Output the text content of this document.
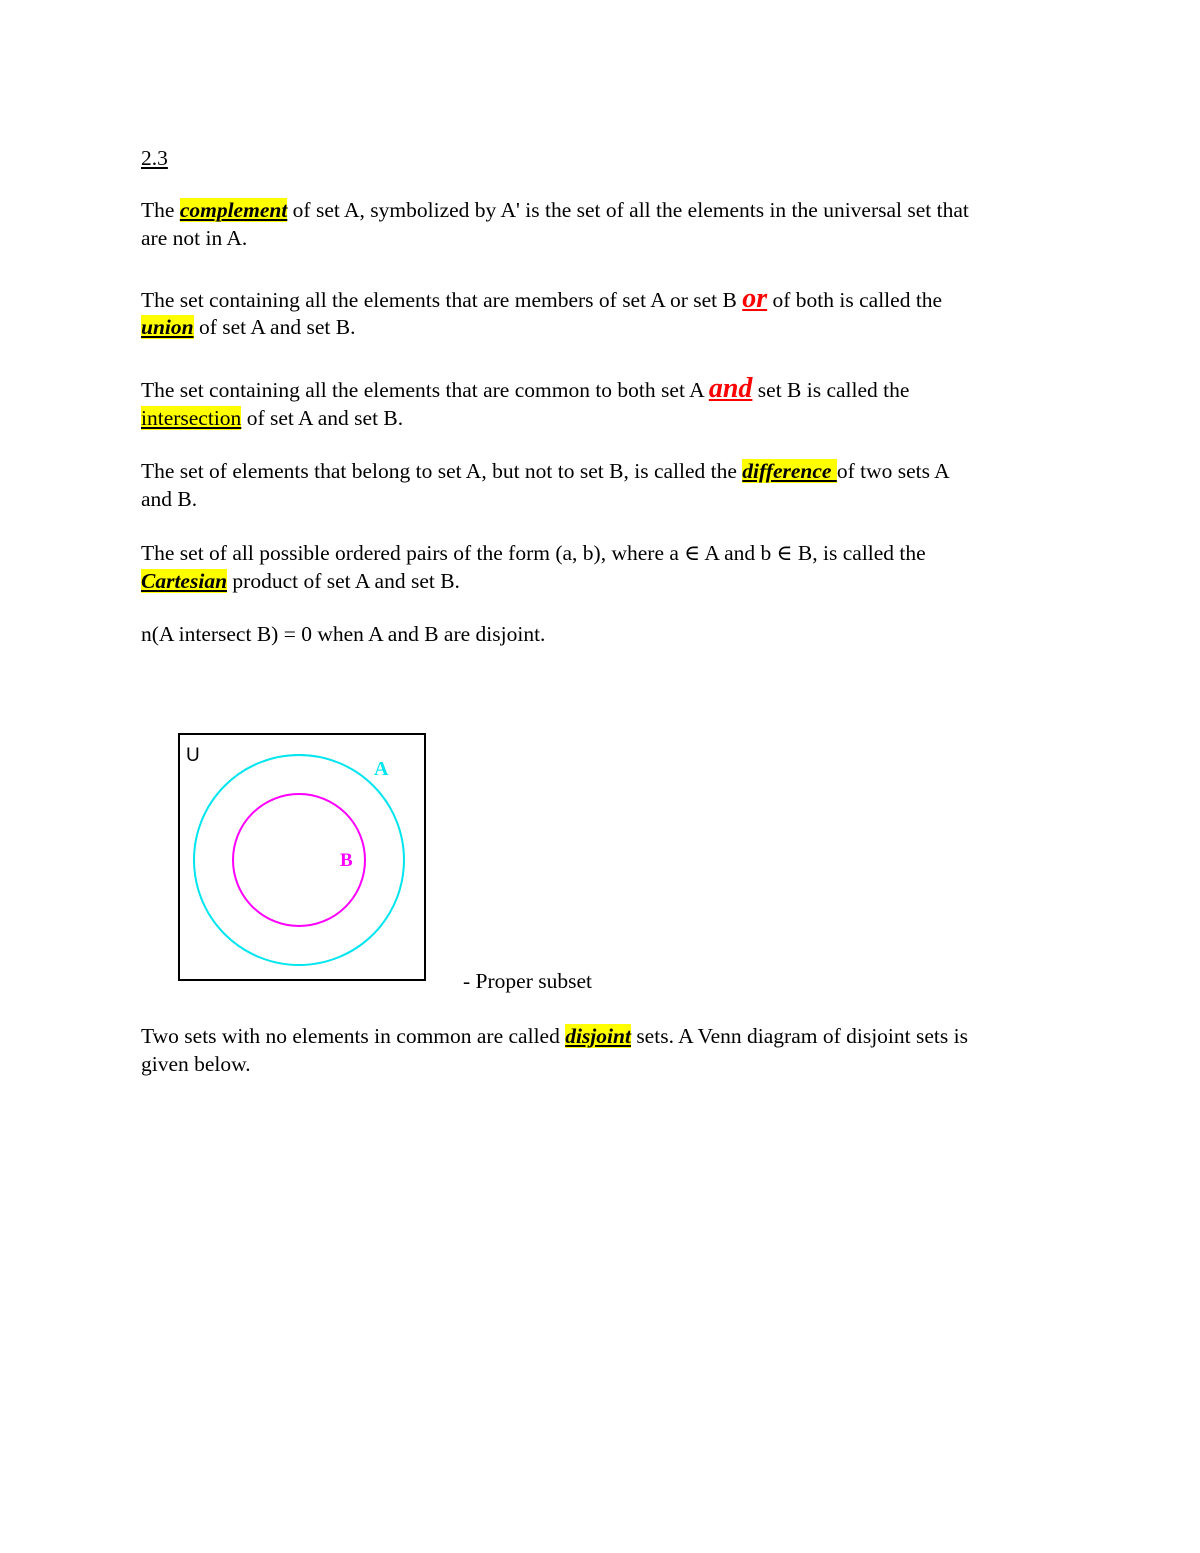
2.3
The complement of set A, symbolized by A' is the set of all the elements in the universal set that
are not in A.
The set containing all the elements that are members of set A or set B or of both is called the
union of set A and set B.
The set containing all the elements that are common to both set A and set B is called the
intersection of set A and set B.
The set of elements that belong to set A, but not to set B, is called the difference of two sets A
and B.
The set of all possible ordered pairs of the form (a, b), where a ∈ A and b ∈ B, is called the
Cartesian product of set A and set B.
n(A intersect B) = 0 when A and B are disjoint.
U
A
B
- Proper subset
Two sets with no elements in common are called disjoint sets. A Venn diagram of disjoint sets is
given below.
